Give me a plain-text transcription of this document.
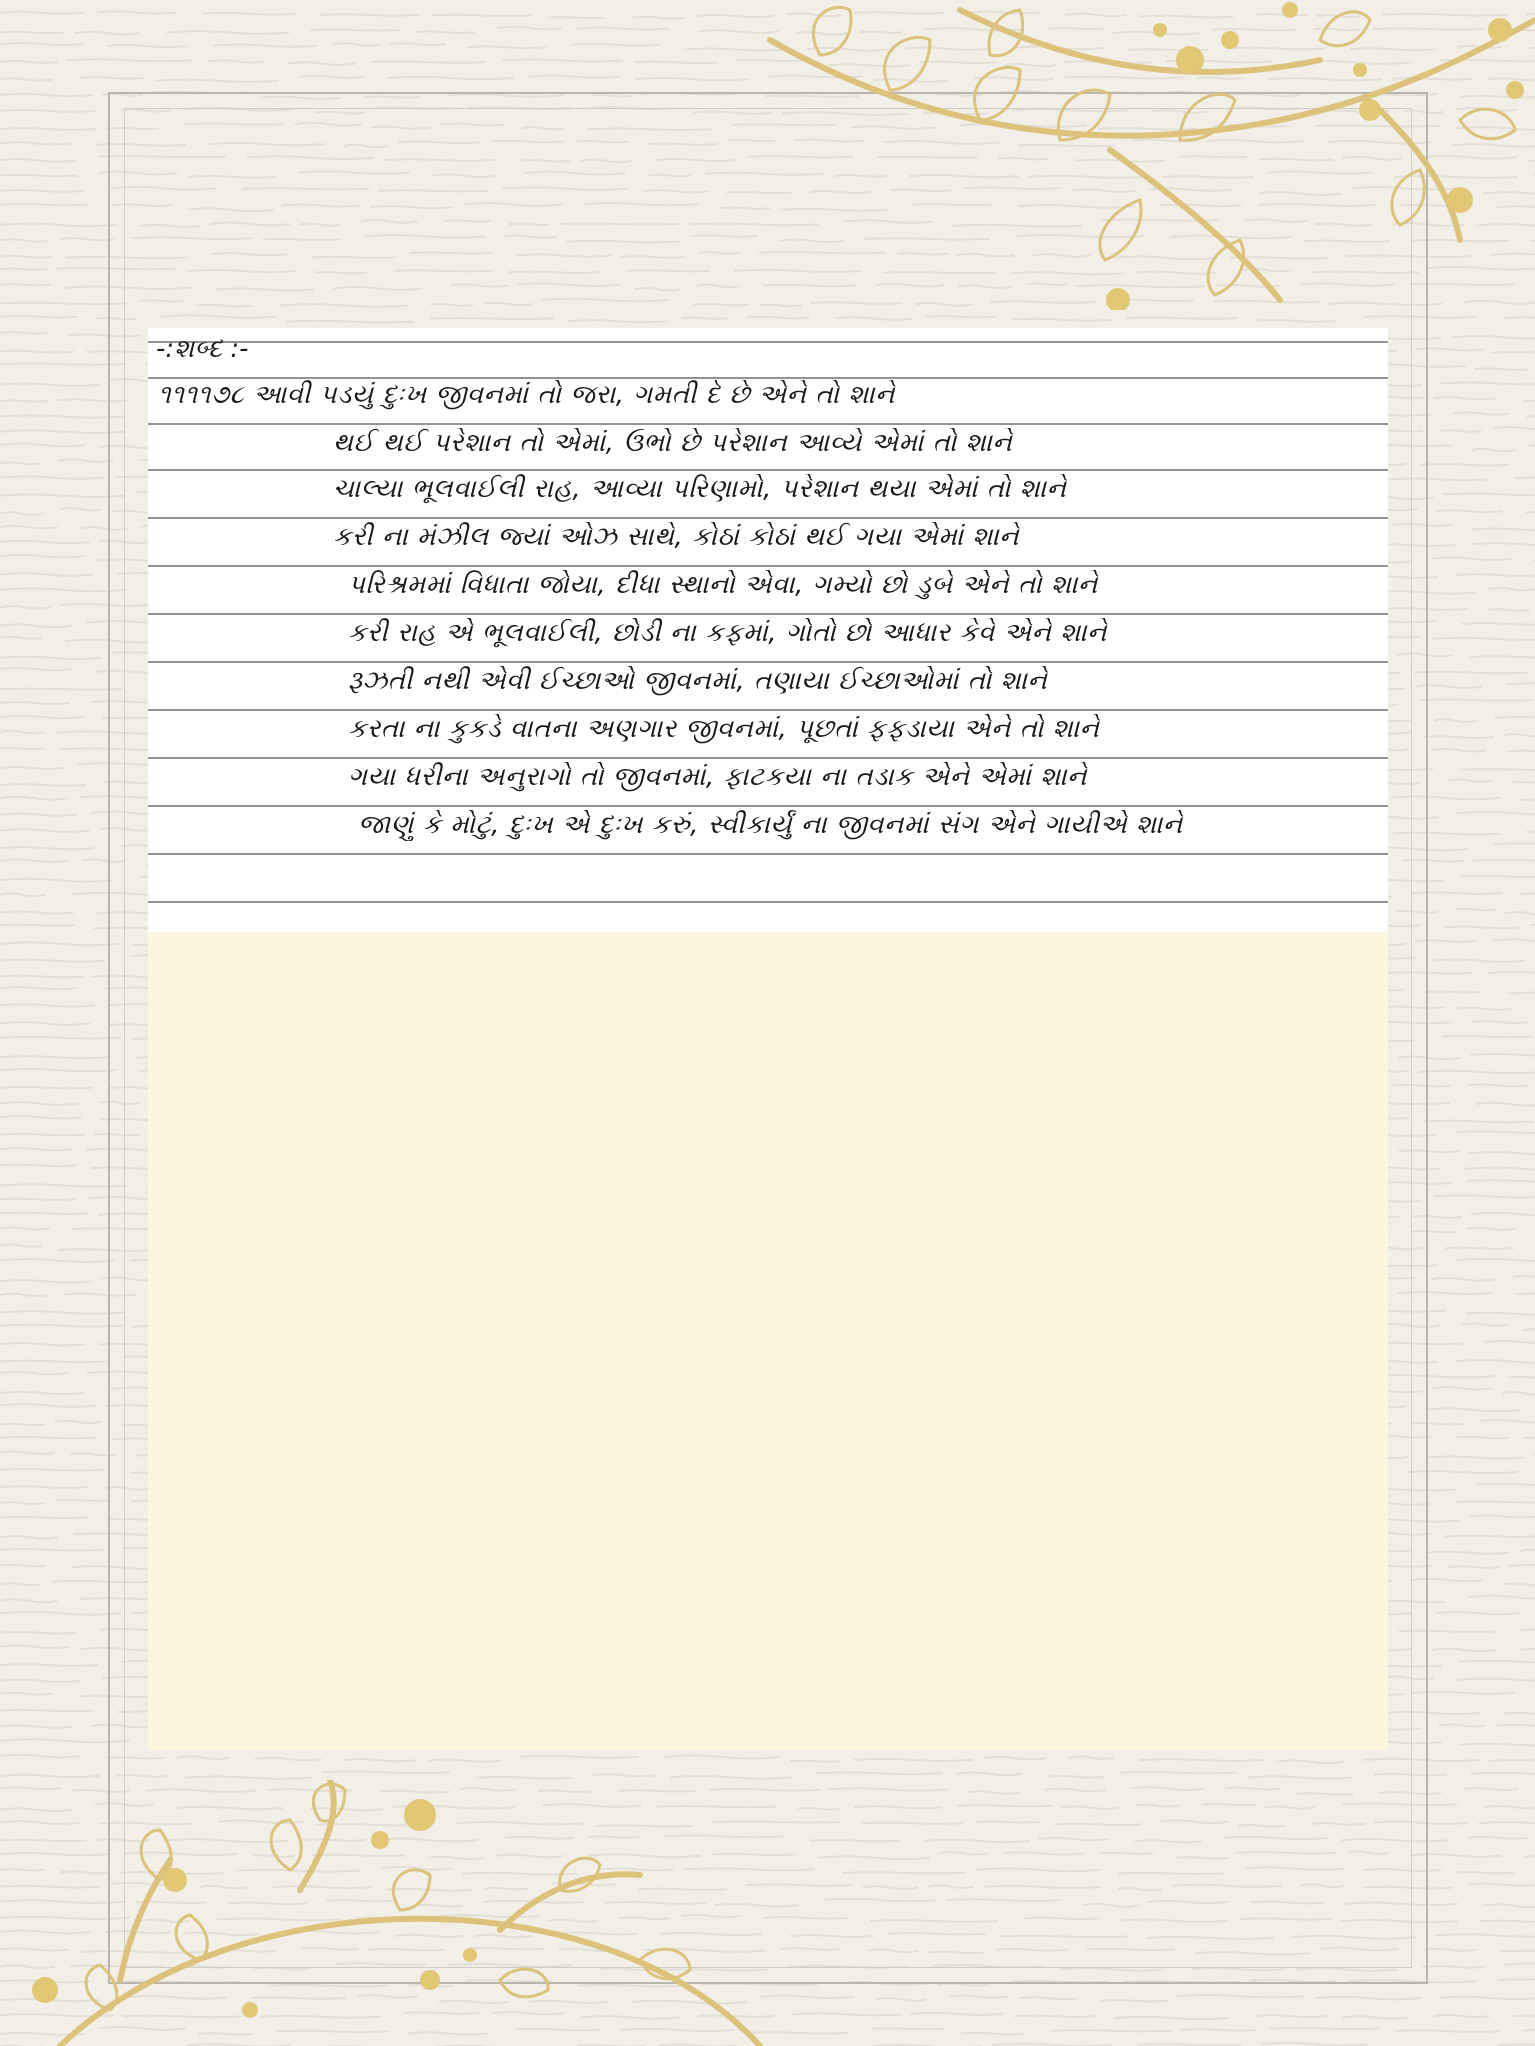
-:શબ્દ :-
૧૧૧૧૭૮ આવી પડયું દુઃખ જીવનમાં તો જરા, ગમતી દે છે એને તો શાને
થઈ થઈ પરેશાન તો એમાં, ઉભો છે પરેશાન આવ્યે એમાં તો શાને
ચાલ્યા ભૂલવાઈલી રાહ, આવ્યા પરિણામો, પરેશાન થયા એમાં તો શાને
કરી ના મંઝીલ જ્યાં ઓઝ સાથે, કોઠાં કોઠાં થઈ ગયા એમાં શાને
પરિશ્રમમાં વિધાતા જોયા, દીધા સ્થાનો એવા, ગમ્યો છો ડુબે એને તો શાને
કરી રાહ એ ભૂલવાઈલી, છોડી ના કફમાં, ગોતો છો આધાર કેવે એને શાને
રૂઝતી નથી એવી ઈચ્છાઓ જીવનમાં, તણાયા ઈચ્છાઓમાં તો શાને
કરતા ના કુકડે વાતના અણગાર જીવનમાં, પૂછતાં ફફડાયા એને તો શાને
ગયા ધરીના અનુરાગો તો જીવનમાં, ફાટકયા ના તડાક એને એમાં શાને
જાણું કે મોટું, દુઃખ એ દુઃખ કરું, સ્વીકાર્યું ના જીવનમાં સંગ એને ગાયીએ શાને
